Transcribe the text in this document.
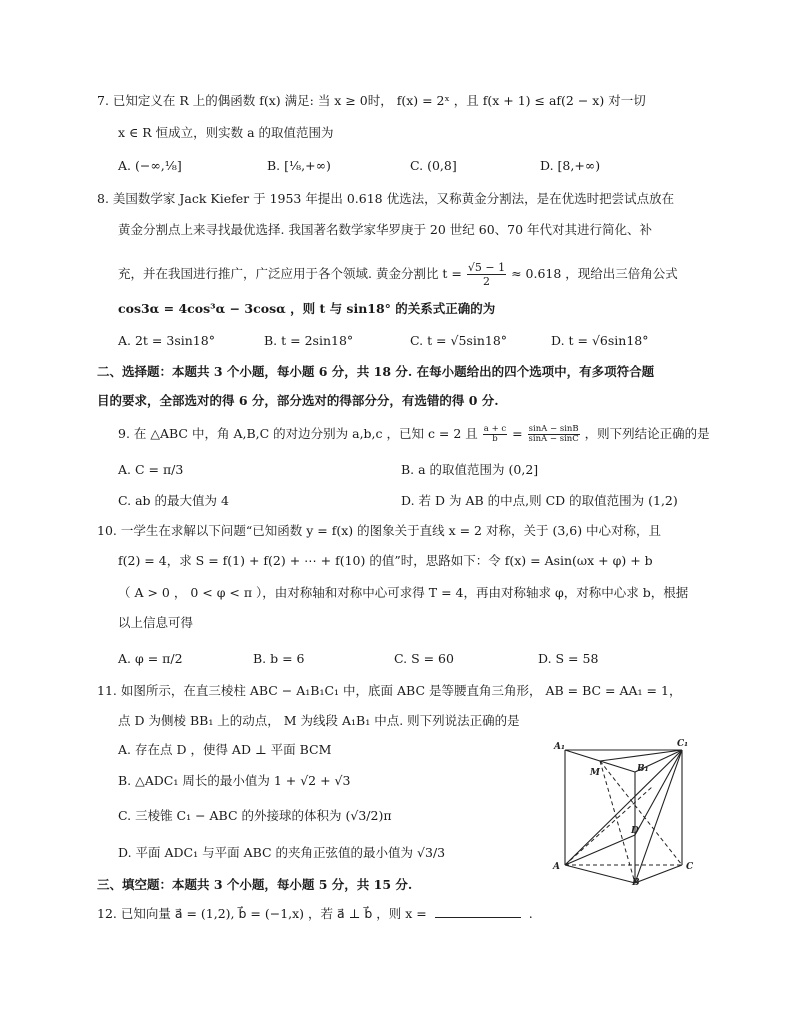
7. 已知定义在 R 上的偶函数 f(x) 满足: 当 x ≥ 0时， f(x) = 2ˣ ，且 f(x + 1) ≤ af(2 − x) 对一切
x ∈ R 恒成立，则实数 a 的取值范围为
A. (−∞,⅛]	B. [⅛,+∞)	C. (0,8]	D. [8,+∞)
8. 美国数学家 Jack Kiefer 于 1953 年提出 0.618 优选法，又称黄金分割法，是在优选时把尝试点放在
黄金分割点上来寻找最优选择. 我国著名数学家华罗庚于 20 世纪 60、70 年代对其进行简化、补
充，并在我国进行推广，广泛应用于各个领域. 黄金分割比 $t = \frac{√5 - 1}{2} \approx 0.618$ ，现给出三倍角公式
cos3α = 4cos³α − 3cosα ，则 t 与 sin18° 的关系式正确的为
A. 2t = 3sin18°	B. t = 2sin18°	C. t = √5sin18°	D. t = √6sin18°
二、选择题：本题共 3 个小题，每小题 6 分，共 18 分. 在每小题给出的四个选项中，有多项符合题
目的要求，全部选对的得 6 分，部分选对的得部分分，有选错的得 0 分.
9. 在 △ABC 中，角 A,B,C 的对边分别为 a,b,c ，已知 c = 2 且 $\frac{a + c}{b} = \frac{\sin A - \sin B}{\sin A - \sin C}$ ，则下列结论正确的是
A. C = π/3	B. a 的取值范围为 (0,2]
C. ab 的最大值为 4	D. 若 D 为 AB 的中点,则 CD 的取值范围为 (1,2)
10. 一学生在求解以下问题“已知函数 y = f(x) 的图象关于直线 x = 2 对称，关于 (3,6) 中心对称，且
f(2) = 4，求 S = f(1) + f(2) + ⋯ + f(10) 的值”时，思路如下：令 f(x) = Asin(ωx + φ) + b
（ A > 0 ， 0 < φ < π ），由对称轴和对称中心可求得 T = 4，再由对称轴求 φ，对称中心求 b，根据
以上信息可得
A. φ = π/2	B. b = 6	C. S = 60	D. S = 58
11. 如图所示，在直三棱柱 ABC − A₁B₁C₁ 中，底面 ABC 是等腰直角三角形， AB = BC = AA₁ = 1，
点 D 为侧棱 BB₁ 上的动点， M 为线段 A₁B₁ 中点. 则下列说法正确的是
A. 存在点 D ，使得 AD ⊥ 平面 BCM
B. △ADC₁ 周长的最小值为 1 + √2 + √3
C. 三棱锥 C₁ − ABC 的外接球的体积为 (√3/2)π
D. 平面 ADC₁ 与平面 ABC 的夹角正弦值的最小值为 √3/3
A₁	C₁
B₁
M
D
A
B
C
三、填空题：本题共 3 个小题，每小题 5 分，共 15 分.
12. 已知向量 a⃗ = (1,2), b⃗ = (−1,x) ，若 a⃗ ⊥ b⃗ ，则 x =	.
